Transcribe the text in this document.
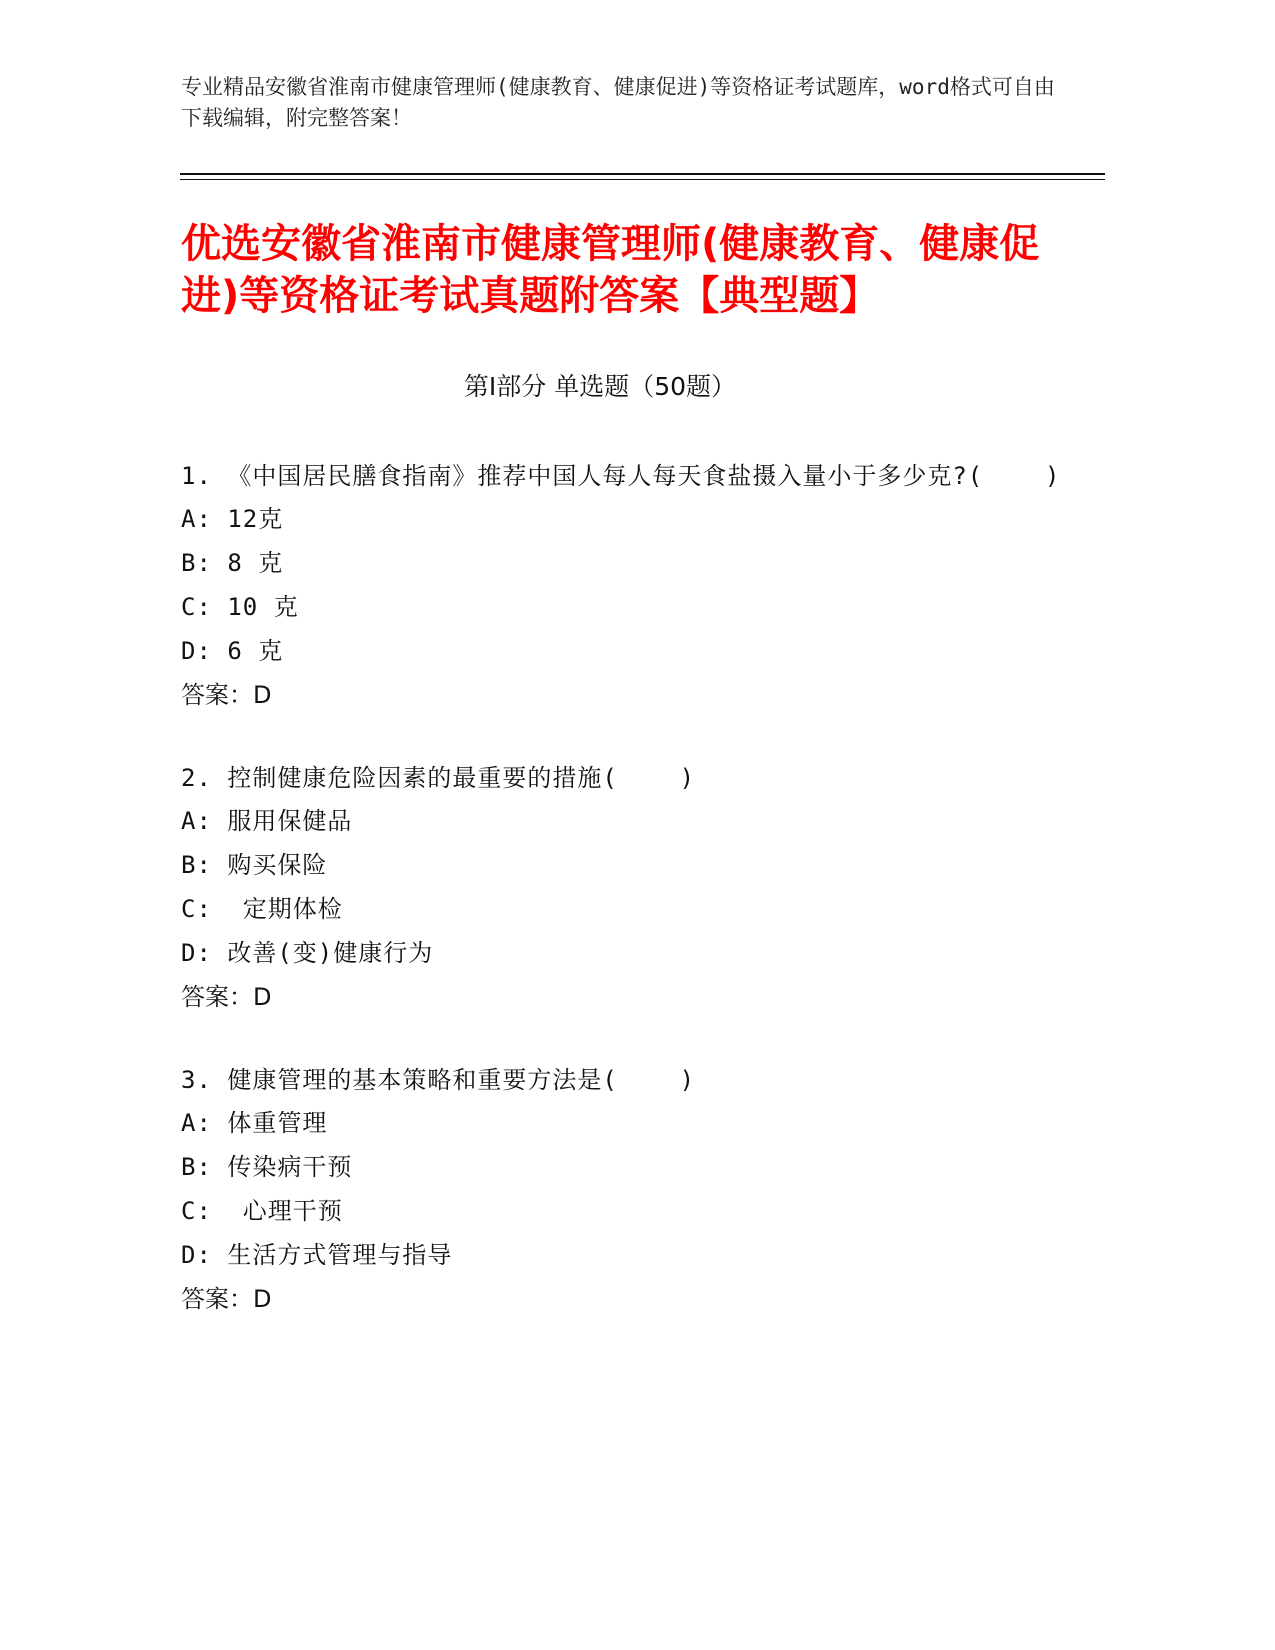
专业精品安徽省淮南市健康管理师(健康教育、健康促进)等资格证考试题库，word格式可自由下载编辑，附完整答案！
优选安徽省淮南市健康管理师(健康教育、健康促进)等资格证考试真题附答案【典型题】
第Ⅰ部分 单选题（50题）
1. 《中国居民膳食指南》推荐中国人每人每天食盐摄入量小于多少克?(    )
A: 12克
B: 8 克
C: 10 克
D: 6 克
答案：D
2. 控制健康危险因素的最重要的措施(    )
A: 服用保健品
B: 购买保险
C:  定期体检
D: 改善(变)健康行为
答案：D
3. 健康管理的基本策略和重要方法是(    )
A: 体重管理
B: 传染病干预
C:  心理干预
D: 生活方式管理与指导
答案：D
